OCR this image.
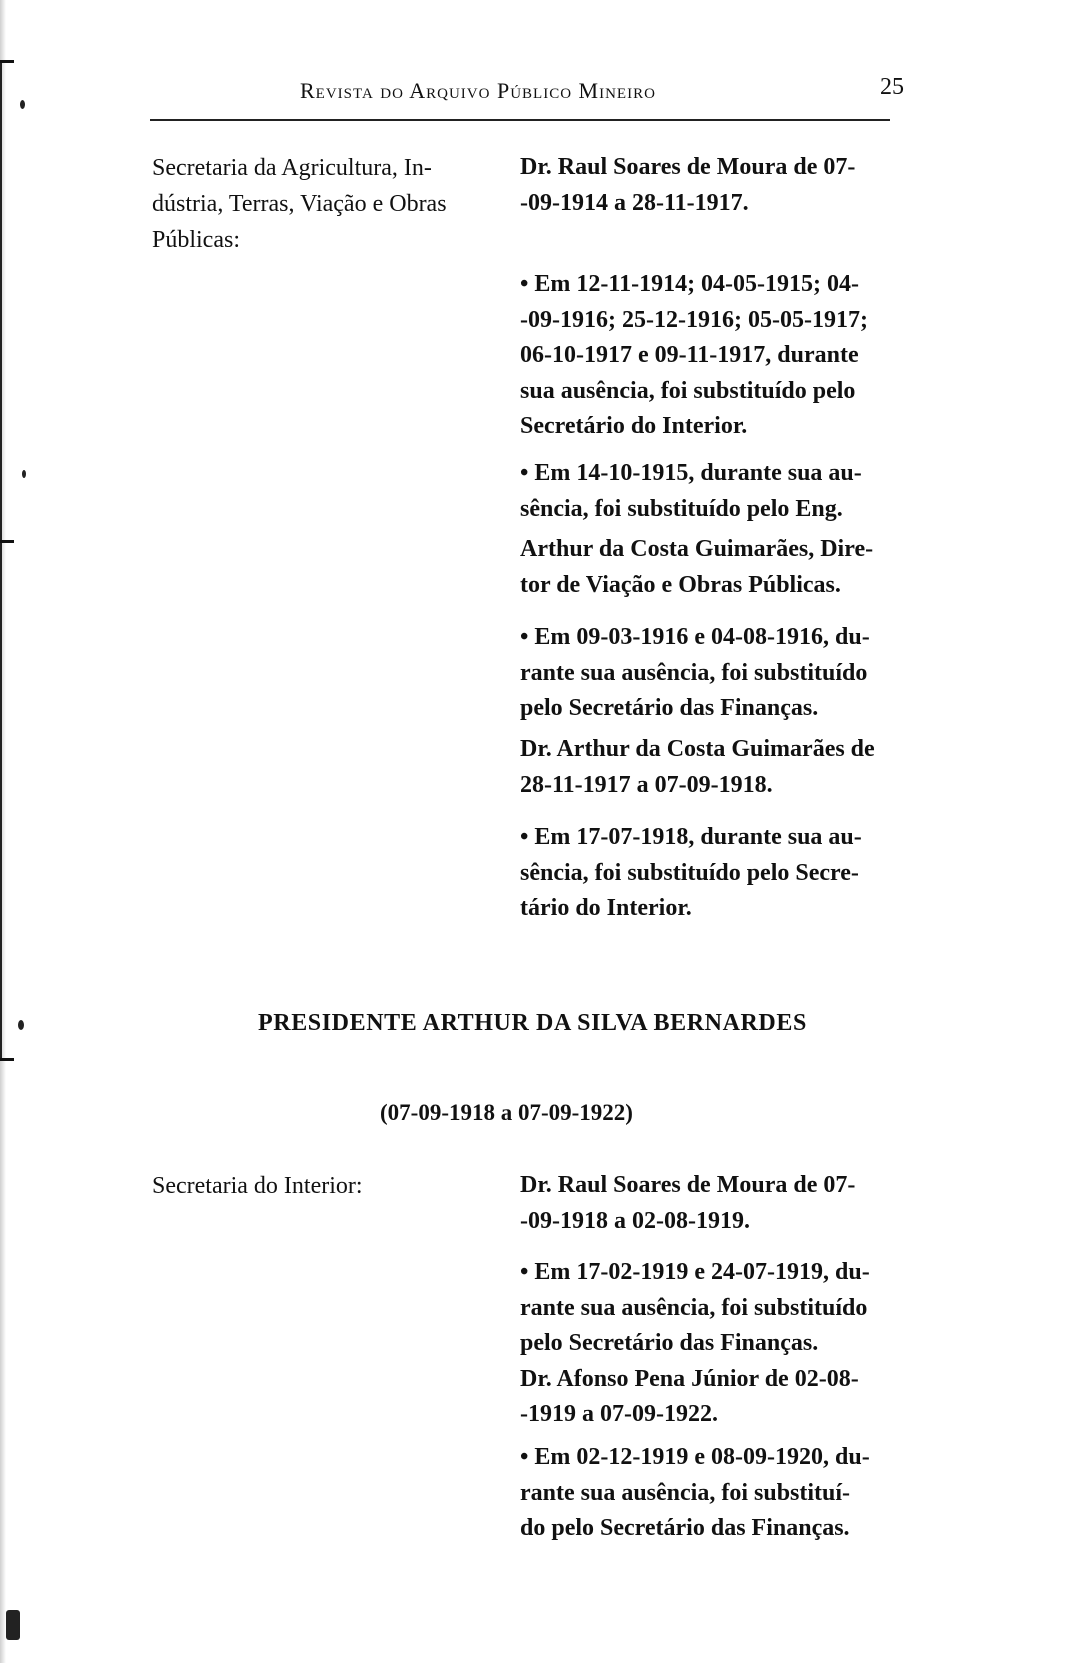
Revista do Arquivo Público Mineiro	25
Secretaria da Agricultura, In-
dústria, Terras, Viação e Obras
Públicas:
Dr. Raul Soares de Moura de 07-
-09-1914 a 28-11-1917.
• Em 12-11-1914; 04-05-1915; 04-
-09-1916; 25-12-1916; 05-05-1917;
06-10-1917 e 09-11-1917, durante
sua ausência, foi substituído pelo
Secretário do Interior.
• Em 14-10-1915, durante sua au-
sência, foi substituído pelo Eng.
Arthur da Costa Guimarães, Dire-
tor de Viação e Obras Públicas.
• Em 09-03-1916 e 04-08-1916, du-
rante sua ausência, foi substituído
pelo Secretário das Finanças.
Dr. Arthur da Costa Guimarães de
28-11-1917 a 07-09-1918.
• Em 17-07-1918, durante sua au-
sência, foi substituído pelo Secre-
tário do Interior.
PRESIDENTE ARTHUR DA SILVA BERNARDES
(07-09-1918 a 07-09-1922)
Secretaria do Interior:	Dr. Raul Soares de Moura de 07-
-09-1918 a 02-08-1919.
• Em 17-02-1919 e 24-07-1919, du-
rante sua ausência, foi substituído
pelo Secretário das Finanças.
Dr. Afonso Pena Júnior de 02-08-
-1919 a 07-09-1922.
• Em 02-12-1919 e 08-09-1920, du-
rante sua ausência, foi substituí-
do pelo Secretário das Finanças.
